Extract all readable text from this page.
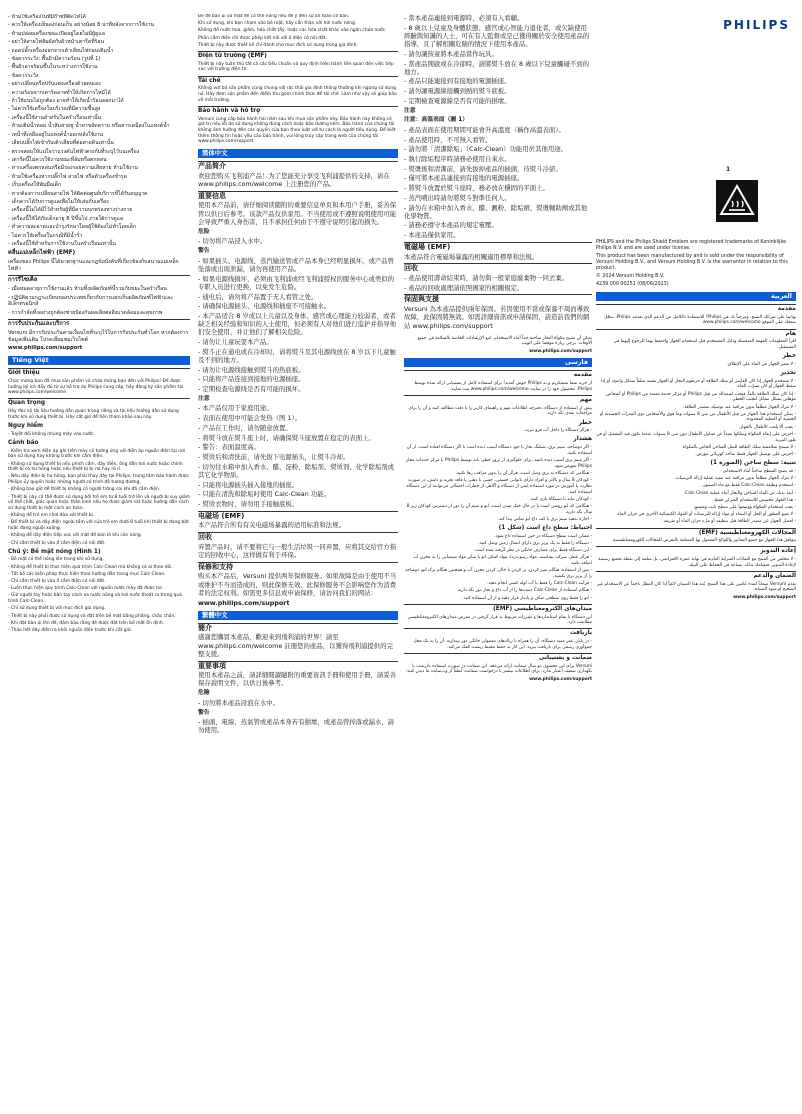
- ห้ามใช้เครื่องในที่มีก๊าซที่ติดไฟได้
- ควรให้เครื่องเย็นลงก่อนเก็บ อย่างน้อย 8 นาทีหลังจากการใช้งาน
- ห้ามปล่อยเครื่องขณะเปิดอยู่โดยไม่มีผู้ดูแล
- อย่าให้สายไฟสัมผัสกับผิวหน้าเตารีดที่ร้อน
- ถอดปลั๊กเครื่องออกจากเต้าเสียบไฟก่อนเติมน้ำ
- ข้อควรระวัง: พื้นผิวมีความร้อน (รูปที่ 1)
- พื้นผิวอาจร้อนขึ้นในระหว่างการใช้งาน
- ข้อควรระวัง
- อย่าเปลี่ยนหรือปรับแต่งเครื่องด้วยตนเอง
- ความร้อนจากเตารีดอาจทำให้เกิดการไหม้ได้
- ถ้าใช้แบบไม่ถูกต้อง อาจทำให้เกิดน้ำร้อนออกมาได้
- ไม่ควรใช้เครื่องในบริเวณที่มีความชื้นสูง
- เครื่องนี้ใช้งานสำหรับในครัวเรือนเท่านั้น
- ห้ามเติมน้ำหอม น้ำส้มสายชู น้ำยาขจัดคราบ หรือสารเคมีลงในแทงค์น้ำ
- เทน้ำที่เหลืออยู่ในแทงค์น้ำออกหลังใช้งาน
- เสียบปลั๊กไฟเข้ากับเต้าเสียบที่ต่อสายดินเท่านั้น
- ตรวจสอบให้แน่ใจว่าแรงดันไฟฟ้าตรงกับที่ระบุไว้บนเครื่อง
- เตารีดนี้ไม่ควรใช้งานขณะที่ล้มหรือตกหล่น
- หากเครื่องตกหล่นหรือมีร่องรอยความเสียหาย ห้ามใช้งาน
- ห้ามใช้เครื่องหากปลั๊กไฟ สายไฟ หรือตัวเครื่องชำรุด
- เก็บเครื่องให้พ้นมือเด็ก
- หากต้องการเปลี่ยนสายไฟ ให้ติดต่อศูนย์บริการที่ได้รับอนุญาต
- เด็กควรได้รับการดูแลเพื่อไม่ให้เล่นกับเครื่อง
- เครื่องนี้ไม่ได้มีไว้สำหรับผู้ที่มีความบกพร่องทางร่างกาย
- เครื่องนี้ใช้ได้กับเด็กอายุ 8 ปีขึ้นไป ภายใต้การดูแล
- ทำความสะอาดและบำรุงรักษาโดยผู้ใช้ต้องไม่ทำโดยเด็ก
- ไม่ควรใช้เครื่องในกรณีที่มีน้ำรั่ว
- เครื่องนี้ใช้สำหรับการใช้งานในครัวเรือนเท่านั้น
คลื่นแม่เหล็กไฟฟ้า (EMF)
เครื่องของ Philips นี้ได้มาตรฐานและกฎข้อบังคับที่เกี่ยวข้องกับสนามแม่เหล็กไฟฟ้า
การรีไซเคิล
- เมื่อหมดอายุการใช้งานแล้ว ห้ามทิ้งผลิตภัณฑ์นี้รวมกับขยะในครัวเรือน
- ปฏิบัติตามกฎระเบียบของประเทศเกี่ยวกับการแยกเก็บผลิตภัณฑ์ไฟฟ้าและอิเล็กทรอนิกส์
- การกำจัดทิ้งอย่างถูกต้องช่วยป้องกันผลเสียต่อสิ่งแวดล้อมและสุขภาพ
การรับประกันและบริการ
Versuni มีการรับประกันตามเงื่อนไขที่ระบุไว้ในการรับประกันทั่วโลก หากต้องการข้อมูลเพิ่มเติม โปรดเยี่ยมชมเว็บไซต์
www.philips.com/support
Tiếng Việt
Giới thiệu
Chúc mừng bạn đã mua sản phẩm và chào mừng bạn đến với Philips! Để được hưởng lợi ích đầy đủ từ sự hỗ trợ do Philips cung cấp, hãy đăng ký sản phẩm tại www.philips.com/welcome.
Quan trọng
Hãy đọc kỹ tài liệu hướng dẫn quan trọng riêng và tài liệu hướng dẫn sử dụng trước khi sử dụng thiết bị. Hãy cất giữ để tiện tham khảo sau này.
Nguy hiểm
- Tuyệt đối không nhúng máy vào nước.
Cảnh báo
- Kiểm tra xem điện áp ghi trên máy có tương ứng với điện áp nguồn điện tại nơi bạn sử dụng hay không trước khi cắm điện.
- Không sử dụng thiết bị nếu phích cắm, dây điện, ống dẫn hơi nước hoặc chính thiết bị có hư hỏng hoặc nếu thiết bị bị rơi hay rò rỉ.
- Nếu dây điện bị hư hỏng, bạn phải thay dây tại Philips, trung tâm bảo hành được Philips ủy quyền hoặc những người có trình độ tương đương.
- Không bao giờ để thiết bị không có người trông coi khi đã cắm điện.
- Thiết bị này có thể được sử dụng bởi trẻ em từ 8 tuổi trở lên và người bị suy giảm về thể chất, giác quan hoặc thần kinh nếu họ được giám sát hoặc hướng dẫn cách sử dụng thiết bị một cách an toàn.
- Không để trẻ em chơi đùa với thiết bị.
- Để thiết bị và dây điện ngoài tầm với của trẻ em dưới 8 tuổi khi thiết bị đang bật hoặc đang nguội xuống.
- Không để dây điện tiếp xúc với mặt đế bàn là khi còn nóng.
- Chỉ cắm thiết bị vào ổ cắm điện có nối đất.
Chú ý: Bề mặt nóng (Hình 1)
- Bề mặt có thể nóng lên trong khi sử dụng.
- Không để thiết bị thực hiện quá trình Calc-Clean mà không có ai theo dõi.
- Tắt bỏ các biện pháp thực hiện theo hướng dẫn trong mục Calc-Clean.
- Chỉ cắm thiết bị vào ổ cắm điện có nối đất.
- Luôn thực hiện quy trình Calc-Clean với nguồn nước máy đã được lọc.
- Giữ người tay hoặc bàn tay cách xa nước nóng và hơi nước thoát ra trong quá trình Calc-Clean.
- Chỉ sử dụng thiết bị với mục đích gia dụng.
- Thiết bị này phải được sử dụng và đặt trên bề mặt bằng phẳng, chắc chắn.
- Khi đặt bàn ủi lên đế, đảm bảo rằng đế được đặt trên bề mặt ổn định.
- Tháo hết dây điện ra khỏi nguồn điện trước khi cất giữ.
Bề đế bàn ủi và mặt để có thể nóng nếu để ý đến sự an toàn cơ bản.
Khi sử dụng, khi bạn chạm vào bề mặt, hãy cẩn thận với hơi nước nóng.
Không đổ nước hoa, giấm, hóa chất tẩy, hoặc các hóa chất khác vào ngăn chứa nước.
Phần cắm điện chỉ được phép kết nối với ổ điện có nối đất.
Thiết bị này được thiết kế chỉ dành cho mục đích sử dụng trong gia đình.
Điện từ trường (EMF)
Thiết bị này tuân thủ tất cả các tiêu chuẩn và quy định hiện hành liên quan đến việc tiếp xúc với trường điện từ.
Tái chế
Không vứt bỏ sản phẩm cùng chung với rác thải gia đình thông thường khi ngừng sử dụng nó. Hãy đem sản phẩm đến điểm thu gom chính thức để tái chế. Làm như vậy sẽ giúp bảo vệ môi trường.
Bảo hành và hỗ trợ
Versuni cung cấp bảo hành hai năm sau khi mua sản phẩm này. Bảo hành này không có giá trị nếu lỗi do sử dụng không đúng cách hoặc bảo dưỡng kém. Bảo hành của chúng tôi không ảnh hưởng đến các quyền của bạn theo luật với tư cách là người tiêu dùng. Để biết thêm thông tin hoặc yêu cầu bảo hành, vui lòng truy cập trang web của chúng tôi www.philips.com/support
简体中文
产品简介
欢迎您购买飞利浦产品！为了您能充分享受飞利浦提供的支持，请在 www.philips.com/welcome 上注册您的产品。
重要信息
使用本产品前，请仔细阅读随附的重要信息单页和本用户手册，妥善保管以供日后参考。该款产品仅供家用。不当使用或不遵照说明使用可能会导致严重人身伤害，且不承担任何由于不遵守说明引起的损失。
危险
- 切勿将产品浸入水中。
警告
- 如果插头、电源线、蒸汽输送管或产品本身已经明显损坏，或产品曾坠落或出现泄漏，请勿再使用产品。
- 如果电源线损坏，必须由飞利浦或经飞利浦授权的服务中心或类似的专职人员进行更换，以免发生危险。
- 通电后，请勿将产品置于无人看管之处。
- 请确保电源插头、电源线和插座不可接触水。
- 本产品适合 8 岁或以上儿童以及身体、感官或心理能力较弱者，或者缺乏相关经验和知识的人士使用，但必须有人对他们进行监护并指导他们安全使用，并让他们了解相关危险。
- 请勿让儿童玩耍本产品。
- 熨斗正在通电或在冷却时，请将熨斗及其电源线放在 8 岁以下儿童触及不到的地方。
- 请勿让电源线接触到熨斗的热底板。
- 只能将产品连接到接地的电源插座。
- 定期检查电源线是否有可能的损坏。
注意
- 本产品仅用于家庭用途。
- 表面在使用中可能会发热（图 1）。
- 产品在工作时，请勿随意放置。
- 将熨斗放在熨斗座上时，请确保熨斗座放置在稳定的表面上。
- 警告：表面温度高。
- 熨烫后和清洗前，请先拔下电源插头，让熨斗冷却。
- 切勿往水箱中加入香水、醋、淀粉、除垢剂、熨烫剂、化学除垢剂或其它化学物质。
- 只能将电源插头插入接地的插座。
- 只能在清洗和除垢时使用 Calc-Clean 功能。
- 熨烫衣物时，请勿用手接触底板。
电磁场 (EMF)
本产品符合所有有关电磁场暴露的适用标准和法规。
回收
弃置产品时，请不要将它与一般生活垃圾一同弃置，应将其交给官方指定的回收中心，这样做有利于环保。
保修和支持
购买本产品后，Versuni 提供两年保修服务。如果故障是由于使用不当或维护不当而造成的，则此保修无效。此保修服务不会影响您作为消费者的法定权利。如需更多信息或申请保修，请访问我们的网站：
www.philips.com/support
繁體中文
簡介
感謝您購買本產品，歡迎來到飛利浦的世界！請至 www.philips.com/welcome 註冊您的產品，以獲得飛利浦提供的完整支援。
重要事項
使用本產品之前，請詳細閱讀隨附的重要資訊手冊和使用手冊，請妥善保存說明文件，以供日後參考。
危險
- 切勿將本產品浸泡在水中。
警告
- 插頭、電線、蒸氣管或產品本身若有損壞，或產品曾掉落或漏水，請勿使用。
- 當本產品連接到電源時，必須有人看顧。
- 8 歲以上兒童及身體狀態、感官或心智能力退化者，或欠缺使用經驗與知識的人士，可在有人監督或是已獲得關於安全使用產品的指導，且了解相關危險的情況下使用本產品。
- 請勿讓孩童將本產品當作玩具。
- 當產品開啟或在冷卻時，請將熨斗放在 8 歲以下兒童觸碰不到的地方。
- 產品只能連接到有接地的電源插座。
- 請勿讓電源線接觸到熱的熨斗底板。
- 定期檢查電源線是否有可能的損壞。
注意
注意：高溫表面（圖 1）
- 產品表面在使用期間可能會升高溫度（稱作高溫表面）。
- 產品使用時，不可無人看管。
- 請勿將「清潔除垢」（Calc-Clean）功能用於其他用途。
- 執行除垢程序時請務必使用自來水。
- 熨燙後和清潔前，請先拔掉產品的插頭，待熨斗冷卻。
- 僅可將本產品連接到有接地的電源插座。
- 將熨斗放置於熨斗座時，務必放在穩固的平面上。
- 蒸汽噴出時請勿將熨斗對準任何人。
- 請勿在水箱中加入香水、醋、澱粉、除垢劑、熨燙輔助劑或其他化學物質。
- 請務必遵守本產品的規定電壓。
- 本產品僅供家用。
電磁場 (EMF)
本產品符合電磁場暴露的相關適用標準和法規。
回收
- 產品使用壽命結束時，請勿與一般家庭廢棄物一同丟棄。
- 產品的回收處理請依照國家的相關規定。
保固與支援
Versuni 為本產品提供兩年保固。若因使用不當或保養不周而導致故障，此保固將無效。如需詳細資訊或申請保固，請造訪我們的網站 www.philips.com/support
يمكن أن تصبح مكواة البخار ساخنة جداً أثناء الاستخدام. اتبع الإرشادات الخاصة بالسلامة في جميع الأوقات. يرجى زيارة موقعنا على الويب
www.philips.com/support
فارسی
مقدمه
از خرید شما متشکریم و به Philips خوش آمدید! برای استفاده کامل از پشتیبانی ارائه شده توسط Philips، محصول خود را در سایت www.philips.com/welcome ثبت نمایید.
مهم
پیش از استفاده از دستگاه، دفترچه اطلاعات مهم و راهنمای کاربر را با دقت مطالعه کنید و آن را برای مراجعات بعدی نگه دارید.
خطر
- هرگز دستگاه را داخل آب فرو نبرید.
هشدار
- اگر دوشاخه، سیم برق، شیلنگ بخار یا خود دستگاه آسیب دیده است یا اگر دستگاه افتاده است، از آن استفاده نکنید.
- اگر سیم برق آسیب دیده باشد، برای جلوگیری از بروز خطر، باید توسط Philips یا مرکز خدمات مجاز Philips تعویض شود.
- هنگامی که دستگاه به برق وصل است، هرگز آن را بدون مراقب رها نکنید.
- کودکان 8 سال و بالاتر و افراد دارای ناتوانی جسمی، حسی یا ذهنی یا فاقد تجربه و دانش، در صورت نظارت یا آموزش در مورد استفاده ایمن از دستگاه و آگاهی از خطرات احتمالی می‌توانند از این دستگاه استفاده کنند.
- کودکان نباید با دستگاه بازی کنند.
- هنگامی که اتو روشن است یا در حال خنک شدن است، اتو و سیم آن را دور از دسترس کودکان زیر 8 سال نگه دارید.
- اجازه ندهید سیم برق با کف داغ اتو تماس پیدا کند.
احتیاط: سطح داغ است (شکل 1)
- ممکن است سطح دستگاه در حین استفاده داغ شود.
- دستگاه را فقط به یک پریز برق دارای اتصال زمین وصل کنید.
- این دستگاه فقط برای مصارف خانگی در نظر گرفته شده است.
- هرگز عطر، سرکه، نشاسته، مواد رسوب‌زدا، مواد کمکی اتو یا سایر مواد شیمیایی را به مخزن آب اضافه نکنید.
- پس از استفاده، هنگام تمیز کردن، پر کردن یا خالی کردن مخزن آب و همچنین هنگام ترک اتو، دوشاخه را از پریز برق بکشید.
- فرآیند Calc-Clean را فقط با آب لوله کشی انجام دهید.
- هنگام استفاده از Calc-Clean دست‌ها را از آب داغ و بخار دور نگه دارید.
- اتو را فقط روی سطحی صاف و پایدار قرار دهید و از آن استفاده کنید.
میدان‌های الکترومغناطیسی (EMF)
این دستگاه با تمام استانداردها و مقررات مربوط به قرار گرفتن در معرض میدان‌های الکترومغناطیسی مطابقت دارد.
بازیافت
- در پایان عمر مفید دستگاه، آن را همراه با زباله‌های معمولی خانگی دور نیندازید. آن را به یک محل جمع‌آوری رسمی برای بازیافت ببرید. این کار به حفظ محیط زیست کمک می‌کند.
ضمانت و پشتیبانی
Versuni برای این محصول دو سال ضمانت ارائه می‌دهد. این ضمانت در صورت استفاده نادرست یا نگهداری ضعیف اعتبار ندارد. برای اطلاعات بیشتر یا درخواست ضمانت، لطفاً از وب‌سایت ما دیدن کنید:
www.philips.com/support
PHILIPS
1
PHILIPS and the Philips Shield Emblem are registered trademarks of Koninklijke Philips N.V. and are used under license.
This product has been manufactured by and is sold under the responsibility of Versuni Holding B.V., and Versuni Holding B.V. is the warrantor in relation to this product.
© 2024 Versuni Holding B.V.
4239 000 00251 (08/06/2023)
العربية
مقدمة
تهانينا على شرائك المنتج، ومرحباً بك في Philips! للاستفادة بالكامل من الدعم الذي تقدمه Philips، سجّل منتجك على الموقع www.philips.com/welcome.
هام
اقرأ المعلومات المهمة المنفصلة ودليل المستخدم قبل استخدام الجهاز واحتفظ بهما للرجوع إليهما في المستقبل.
خطر
- لا تغمر الجهاز في الماء على الإطلاق.
تحذير
- لا تستخدم الجهاز إذا كان القابس أو سلك الطاقة أو خرطوم البخار أو الجهاز نفسه متلفاً بشكل واضح، أو إذا سقط الجهاز أو كان يسرّب الماء.
- إذا كان سلك الطاقة تالفاً، فيجب استبداله من قِبل Philips أو مركز خدمة معتمد من Philips أو أشخاص مؤهلين بشكل مماثل لتجنب الخطر.
- لا تترك الجهاز مطلقاً بدون مراقبة عند توصيله بمصدر الطاقة.
- يمكن استخدام هذا الجهاز من قِبل الأطفال من سن 8 سنوات وما فوق والأشخاص ذوي القدرات الجسدية أو الحسية أو العقلية المحدودة.
- يجب ألا يلعب الأطفال بالجهاز.
- احرص على إبقاء المكواة وسلكها بعيداً عن متناول الأطفال دون سن 8 سنوات عندما تكون قيد التشغيل أو في طور التبريد.
- لا تسمح بملامسة سلك الطاقة للنعل الساخن الخاص بالمكواة.
- احرص على توصيل الجهاز فقط بمأخذ كهربائي مؤرض.
تنبيه: سطح ساخن (الصورة 1)
- قد يصبح السطح ساخناً أثناء الاستخدام.
- لا تترك الجهاز مطلقاً بدون مراقبة عند تنفيذ عملية إزالة الترسبات.
- استخدم وظيفة Calc-Clean فقط مع ماء الصنبور.
- أبعد يديك عن الماء الساخن والبخار أثناء عملية Calc-Clean.
- هذا الجهاز مخصص للاستخدام المنزلي فقط.
- يجب استخدام المكواة ووضعها على سطح ثابت ومستوٍ.
- لا تضع العطور أو الخل أو النشاء أو مواد إزالة الترسبات أو المواد الكيميائية الأخرى في خزان الماء.
- افصل الجهاز عن مصدر الطاقة قبل تنظيفه أو ملء خزان الماء أو تفريغه.
المجالات الكهرومغناطيسية (EMF)
يتوافق هذا الجهاز مع جميع المعايير واللوائح المعمول بها المتعلقة بالتعرض للمجالات الكهرومغناطيسية.
إعادة التدوير
- لا تتخلص من المنتج مع النفايات المنزلية العادية في نهاية عمره الافتراضي، بل سلمه إلى نقطة تجميع رسمية لإعادة التدوير. فبقيامك بذلك، تساعد في الحفاظ على البيئة.
الضمان والدعم
تقدم Versuni ضماناً لمدة عامين على هذا المنتج. يُعد هذا الضمان لاغياً إذا كان العطل ناجماً عن الاستخدام غير الصحيح أو سوء الصيانة.
www.philips.com/support
